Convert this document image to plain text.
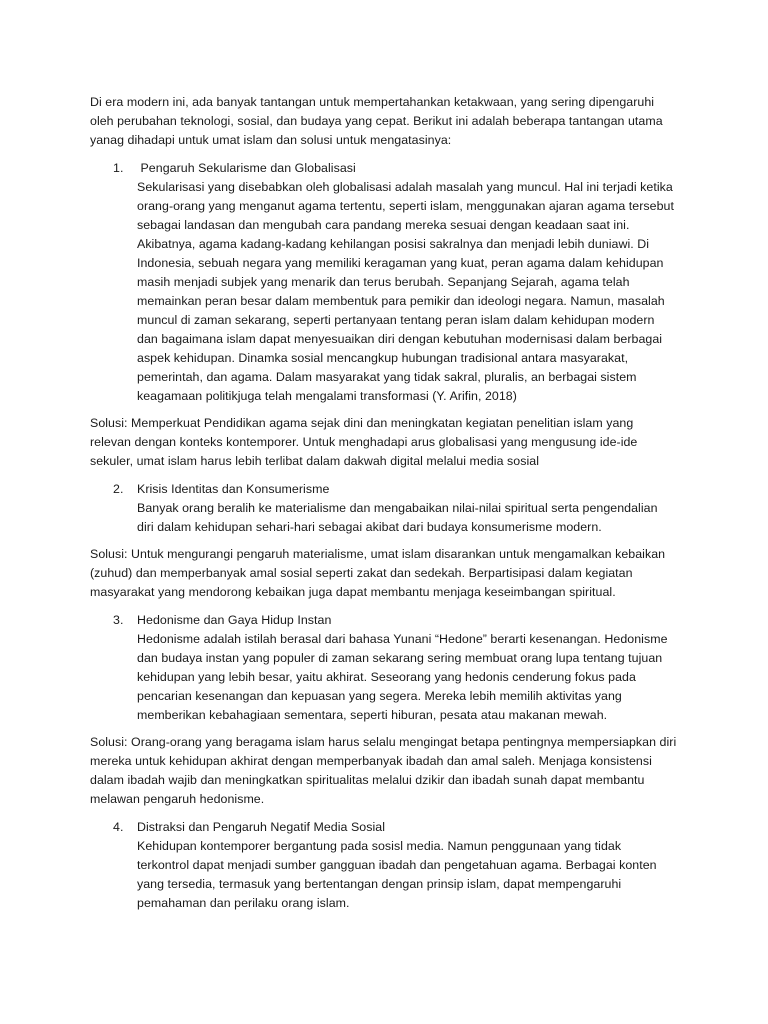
Di era modern ini, ada banyak tantangan untuk mempertahankan ketakwaan, yang sering dipengaruhi
oleh perubahan teknologi, sosial, dan budaya yang cepat. Berikut ini adalah beberapa tantangan utama
yanag dihadapi untuk umat islam dan solusi untuk mengatasinya:

1. Pengaruh Sekularisme dan Globalisasi
Sekularisasi yang disebabkan oleh globalisasi adalah masalah yang muncul. Hal ini terjadi ketika
orang-orang yang menganut agama tertentu, seperti islam, menggunakan ajaran agama tersebut
sebagai landasan dan mengubah cara pandang mereka sesuai dengan keadaan saat ini.
Akibatnya, agama kadang-kadang kehilangan posisi sakralnya dan menjadi lebih duniawi. Di
Indonesia, sebuah negara yang memiliki keragaman yang kuat, peran agama dalam kehidupan
masih menjadi subjek yang menarik dan terus berubah. Sepanjang Sejarah, agama telah
memainkan peran besar dalam membentuk para pemikir dan ideologi negara. Namun, masalah
muncul di zaman sekarang, seperti pertanyaan tentang peran islam dalam kehidupan modern
dan bagaimana islam dapat menyesuaikan diri dengan kebutuhan modernisasi dalam berbagai
aspek kehidupan. Dinamka sosial mencangkup hubungan tradisional antara masyarakat,
pemerintah, dan agama. Dalam masyarakat yang tidak sakral, pluralis, an berbagai sistem
keagamaan politikjuga telah mengalami transformasi (Y. Arifin, 2018)

Solusi: Memperkuat Pendidikan agama sejak dini dan meningkatan kegiatan penelitian islam yang
relevan dengan konteks kontemporer. Untuk menghadapi arus globalisasi yang mengusung ide-ide
sekuler, umat islam harus lebih terlibat dalam dakwah digital melalui media sosial

2. Krisis Identitas dan Konsumerisme
Banyak orang beralih ke materialisme dan mengabaikan nilai-nilai spiritual serta pengendalian
diri dalam kehidupan sehari-hari sebagai akibat dari budaya konsumerisme modern.

Solusi: Untuk mengurangi pengaruh materialisme, umat islam disarankan untuk mengamalkan kebaikan
(zuhud) dan memperbanyak amal sosial seperti zakat dan sedekah. Berpartisipasi dalam kegiatan
masyarakat yang mendorong kebaikan juga dapat membantu menjaga keseimbangan spiritual.

3. Hedonisme dan Gaya Hidup Instan
Hedonisme adalah istilah berasal dari bahasa Yunani “Hedone” berarti kesenangan. Hedonisme
dan budaya instan yang populer di zaman sekarang sering membuat orang lupa tentang tujuan
kehidupan yang lebih besar, yaitu akhirat. Seseorang yang hedonis cenderung fokus pada
pencarian kesenangan dan kepuasan yang segera. Mereka lebih memilih aktivitas yang
memberikan kebahagiaan sementara, seperti hiburan, pesata atau makanan mewah.

Solusi: Orang-orang yang beragama islam harus selalu mengingat betapa pentingnya mempersiapkan diri
mereka untuk kehidupan akhirat dengan memperbanyak ibadah dan amal saleh. Menjaga konsistensi
dalam ibadah wajib dan meningkatkan spiritualitas melalui dzikir dan ibadah sunah dapat membantu
melawan pengaruh hedonisme.

4. Distraksi dan Pengaruh Negatif Media Sosial
Kehidupan kontemporer bergantung pada sosisl media. Namun penggunaan yang tidak
terkontrol dapat menjadi sumber gangguan ibadah dan pengetahuan agama. Berbagai konten
yang tersedia, termasuk yang bertentangan dengan prinsip islam, dapat mempengaruhi
pemahaman dan perilaku orang islam.
